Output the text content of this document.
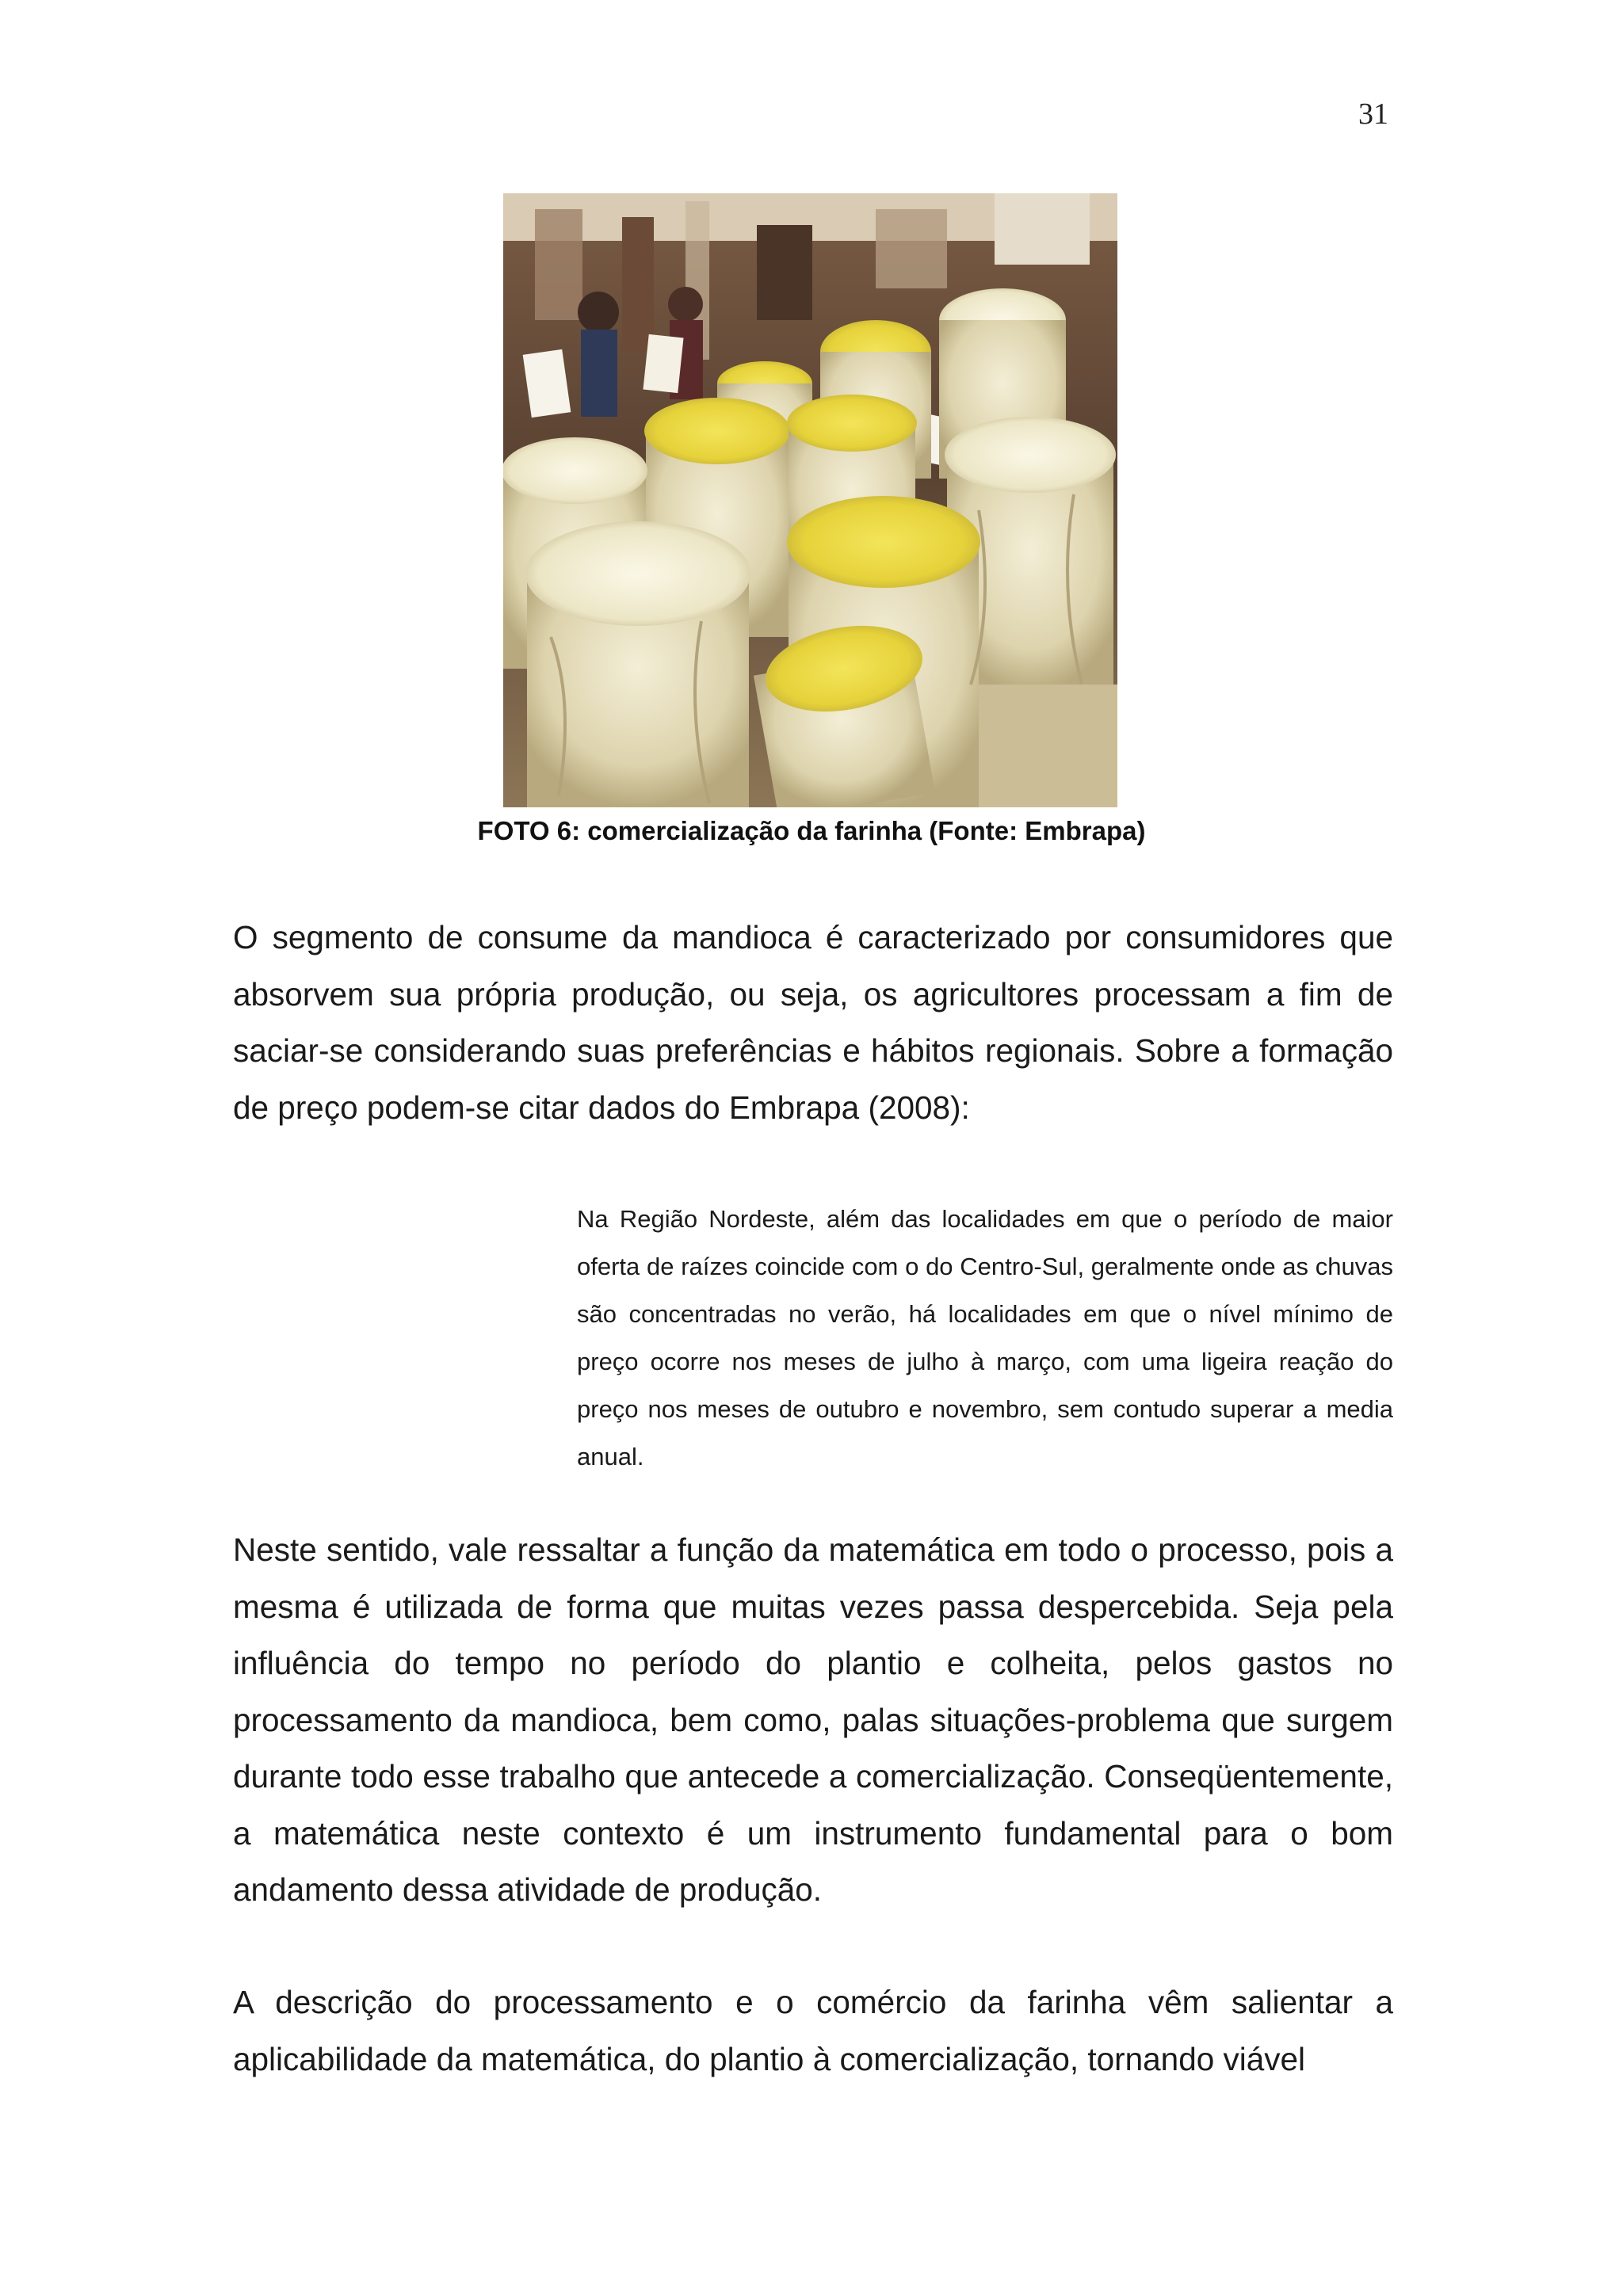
31
FOTO 6: comercialização da farinha (Fonte: Embrapa)

O segmento de consume da mandioca é caracterizado por consumidores que absorvem sua própria produção, ou seja, os agricultores processam a fim de saciar-se considerando suas preferências e hábitos regionais. Sobre a formação de preço podem-se citar dados do Embrapa (2008):

Na Região Nordeste, além das localidades em que o período de maior oferta de raízes coincide com o do Centro-Sul, geralmente onde as chuvas são concentradas no verão, há localidades em que o nível mínimo de preço ocorre nos meses de julho à março, com uma ligeira reação do preço nos meses de outubro e novembro, sem contudo superar a media anual.

Neste sentido, vale ressaltar a função da matemática em todo o processo, pois a mesma é utilizada de forma que muitas vezes passa despercebida. Seja pela influência do tempo no período do plantio e colheita, pelos gastos no processamento da mandioca, bem como, palas situações-problema que surgem durante todo esse trabalho que antecede a comercialização. Conseqüentemente, a matemática neste contexto é um instrumento fundamental para o bom andamento dessa atividade de produção.

A descrição do processamento e o comércio da farinha vêm salientar a aplicabilidade da matemática, do plantio à comercialização, tornando viável
